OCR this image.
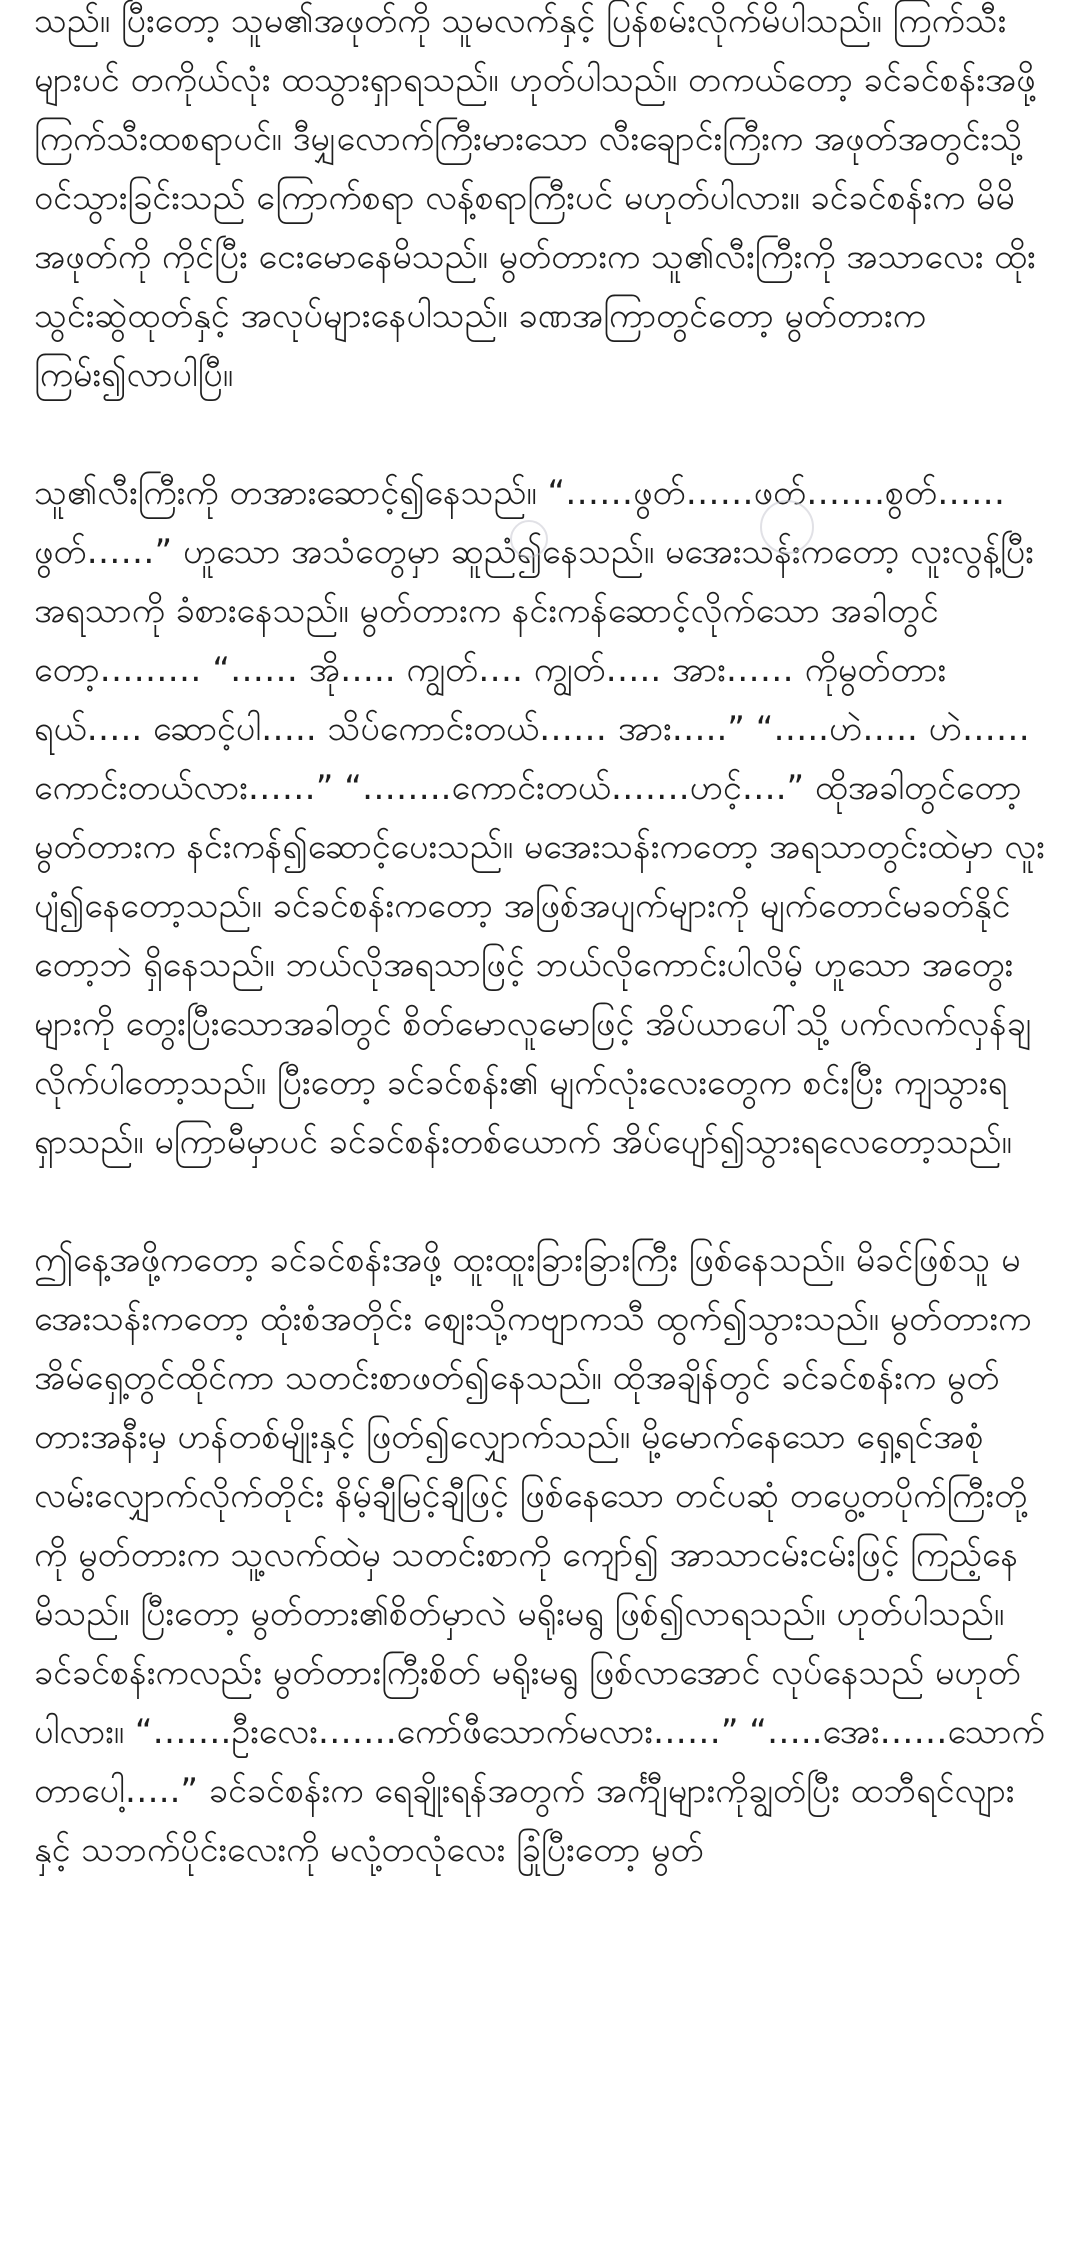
သည်။ ပြီးတော့ သူမ၏အဖုတ်ကို သူမလက်နှင့် ပြန်စမ်းလိုက်မိပါသည်။ ကြက်သီးများပင် တကိုယ်လုံး ထသွားရှာရသည်။ ဟုတ်ပါသည်။ တကယ်တော့ ခင်ခင်စန်းအဖို့ ကြက်သီးထစရာပင်။ ဒီမျှလောက်ကြီးမားသော လီးချောင်းကြီးက အဖုတ်အတွင်းသို့ ဝင်သွားခြင်းသည် ကြောက်စရာ လန့်စရာကြီးပင် မဟုတ်ပါလား။ ခင်ခင်စန်းက မိမိအဖုတ်ကို ကိုင်ပြီး ငေးမောနေမိသည်။ မွတ်တားက သူ၏လီးကြီးကို အသာလေး ထိုးသွင်းဆွဲထုတ်နှင့် အလုပ်များနေပါသည်။ ခဏအကြာတွင်တော့ မွတ်တားက ကြမ်း၍လာပါပြီ။

သူ၏လီးကြီးကို တအားဆောင့်၍နေသည်။ “……ဖွတ်……ဖတ်…….စွတ်……ဖွတ်……” ဟူသော အသံတွေမှာ ဆူညံ၍နေသည်။ မအေးသန်းကတော့ လူးလွန့်ပြီး အရသာကို ခံစားနေသည်။ မွတ်တားက နင်းကန်ဆောင့်လိုက်သော အခါတွင်တော့……… “…… အို….. ကျွတ်…. ကျွတ်….. အား…… ကိုမွတ်တားရယ်….. ဆောင့်ပါ….. သိပ်ကောင်းတယ်…… အား…..” “…..ဟဲ….. ဟဲ…… ကောင်းတယ်လား……” “……..ကောင်းတယ်…….ဟင့်….” ထိုအခါတွင်တော့ မွတ်တားက နင်းကန်၍ဆောင့်ပေးသည်။ မအေးသန်းကတော့ အရသာတွင်းထဲမှာ လူးပျံ၍နေတော့သည်။ ခင်ခင်စန်းကတော့ အဖြစ်အပျက်များကို မျက်တောင်မခတ်နိုင်တော့ဘဲ ရှိနေသည်။ ဘယ်လိုအရသာဖြင့် ဘယ်လိုကောင်းပါလိမ့် ဟူသော အတွေးများကို တွေးပြီးသောအခါတွင် စိတ်မောလူမောဖြင့် အိပ်ယာပေါ်သို့ ပက်လက်လှန်ချလိုက်ပါတော့သည်။ ပြီးတော့ ခင်ခင်စန်း၏ မျက်လုံးလေးတွေက စင်းပြီး ကျသွားရရှာသည်။ မကြာမီမှာပင် ခင်ခင်စန်းတစ်ယောက် အိပ်ပျော်၍သွားရလေတော့သည်။

ဤနေ့အဖို့ကတော့ ခင်ခင်စန်းအဖို့ ထူးထူးခြားခြားကြီး ဖြစ်နေသည်။ မိခင်ဖြစ်သူ မအေးသန်းကတော့ ထုံးစံအတိုင်း ဈေးသို့ကဗျာကသီ ထွက်၍သွားသည်။ မွတ်တားက အိမ်ရှေ့တွင်ထိုင်ကာ သတင်းစာဖတ်၍နေသည်။ ထိုအချိန်တွင် ခင်ခင်စန်းက မွတ်တားအနီးမှ ဟန်တစ်မျိုးနှင့် ဖြတ်၍လျှောက်သည်။ မို့မောက်နေသော ရှေ့ရင်အစုံ လမ်းလျှောက်လိုက်တိုင်း နိမ့်ချီမြင့်ချီဖြင့် ဖြစ်နေသော တင်ပဆုံ တပွေ့တပိုက်ကြီးတို့ကို မွတ်တားက သူ့လက်ထဲမှ သတင်းစာကို ကျော်၍ အာသာငမ်းငမ်းဖြင့် ကြည့်နေမိသည်။ ပြီးတော့ မွတ်တား၏စိတ်မှာလဲ မရိုးမရွ ဖြစ်၍လာရသည်။ ဟုတ်ပါသည်။ ခင်ခင်စန်းကလည်း မွတ်တားကြီးစိတ် မရိုးမရွ ဖြစ်လာအောင် လုပ်နေသည် မဟုတ်ပါလား။ “…….ဦးလေး…….ကော်ဖီသောက်မလား……” “…..အေး……သောက်တာပေါ့…..” ခင်ခင်စန်းက ရေချိုးရန်အတွက် အင်္ကျီများကိုချွတ်ပြီး ထဘီရင်လျားနှင့် သဘက်ပိုင်းလေးကို မလုံ့တလုံလေး ခြုံပြီးတော့ မွတ်
